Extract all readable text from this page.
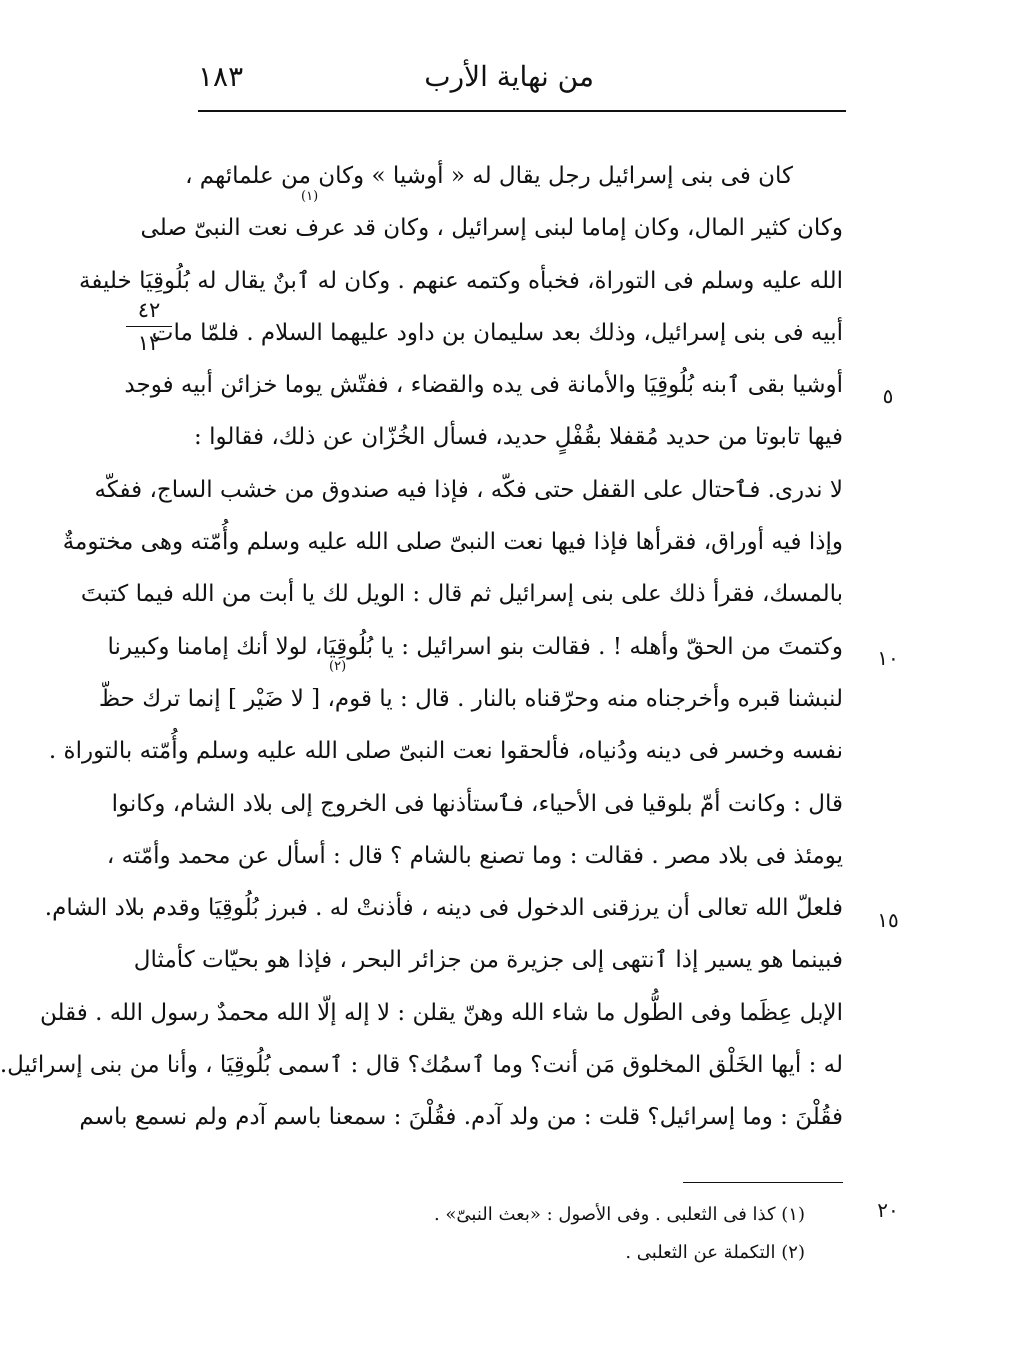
١٨٣	من نهاية الأرب
٤٢
١٢
(١)
(٢)
كان فى بنى إسرائيل رجل يقال له « أوشيا » وكان من علمائهم ،
وكان كثير المال، وكان إماما لبنى إسرائيل ، وكان قد عرف نعت النبىّ صلى
الله عليه وسلم فى التوراة، فخبأه وكتمه عنهم . وكان له ٱبنٌ يقال له بُلُوقِيَا خليفة
أبيه فى بنى إسرائيل، وذلك بعد سليمان بن داود عليهما السلام . فلمّا مات
أوشيا بقى ٱبنه بُلُوقِيَا والأمانة فى يده والقضاء ، ففتّش يوما خزائن أبيه فوجد
فيها تابوتا من حديد مُقفلا بقُفْلٍ حديد، فسأل الخُزّان عن ذلك، فقالوا :
لا ندرى. فٱحتال على القفل حتى فكّه ، فإذا فيه صندوق من خشب الساج، ففكّه
وإذا فيه أوراق، فقرأها فإذا فيها نعت النبىّ صلى الله عليه وسلم وأُمّته وهى مختومةٌ
بالمسك، فقرأ ذلك على بنى إسرائيل ثم قال : الويل لك يا أبت من الله فيما كتبتَ
وكتمتَ من الحقّ وأهله ! . فقالت بنو اسرائيل : يا بُلُوقِيَا، لولا أنك إمامنا وكبيرنا
لنبشنا قبره وأخرجناه منه وحرّقناه بالنار . قال : يا قوم، [ لا ضَيْر ] إنما ترك حظّ
نفسه وخسر فى دينه ودُنياه، فألحقوا نعت النبىّ صلى الله عليه وسلم وأُمّته بالتوراة .
قال : وكانت أمّ بلوقيا فى الأحياء، فٱستأذنها فى الخروج إلى بلاد الشام، وكانوا
يومئذ فى بلاد مصر . فقالت : وما تصنع بالشام ؟ قال : أسأل عن محمد وأمّته ،
فلعلّ الله تعالى أن يرزقنى الدخول فى دينه ، فأذنتْ له . فبرز بُلُوقِيَا وقدم بلاد الشام.
فبينما هو يسير إذا ٱنتهى إلى جزيرة من جزائر البحر ، فإذا هو بحيّات كأمثال
الإبل عِظَما وفى الطُّول ما شاء الله وهنّ يقلن : لا إله إلّا الله محمدٌ رسول الله . فقلن
له : أيها الخَلْق المخلوق مَن أنت؟ وما ٱسمُك؟ قال : ٱسمى بُلُوقِيَا ، وأنا من بنى إسرائيل.
فقُلْنَ : وما إسرائيل؟ قلت : من ولد آدم. فقُلْنَ : سمعنا باسم آدم ولم نسمع باسم
٥
١٠
١٥
٢٠
(١) كذا فى الثعلبى . وفى الأصول : «بعث النبىّ» .
(٢) التكملة عن الثعلبى .
